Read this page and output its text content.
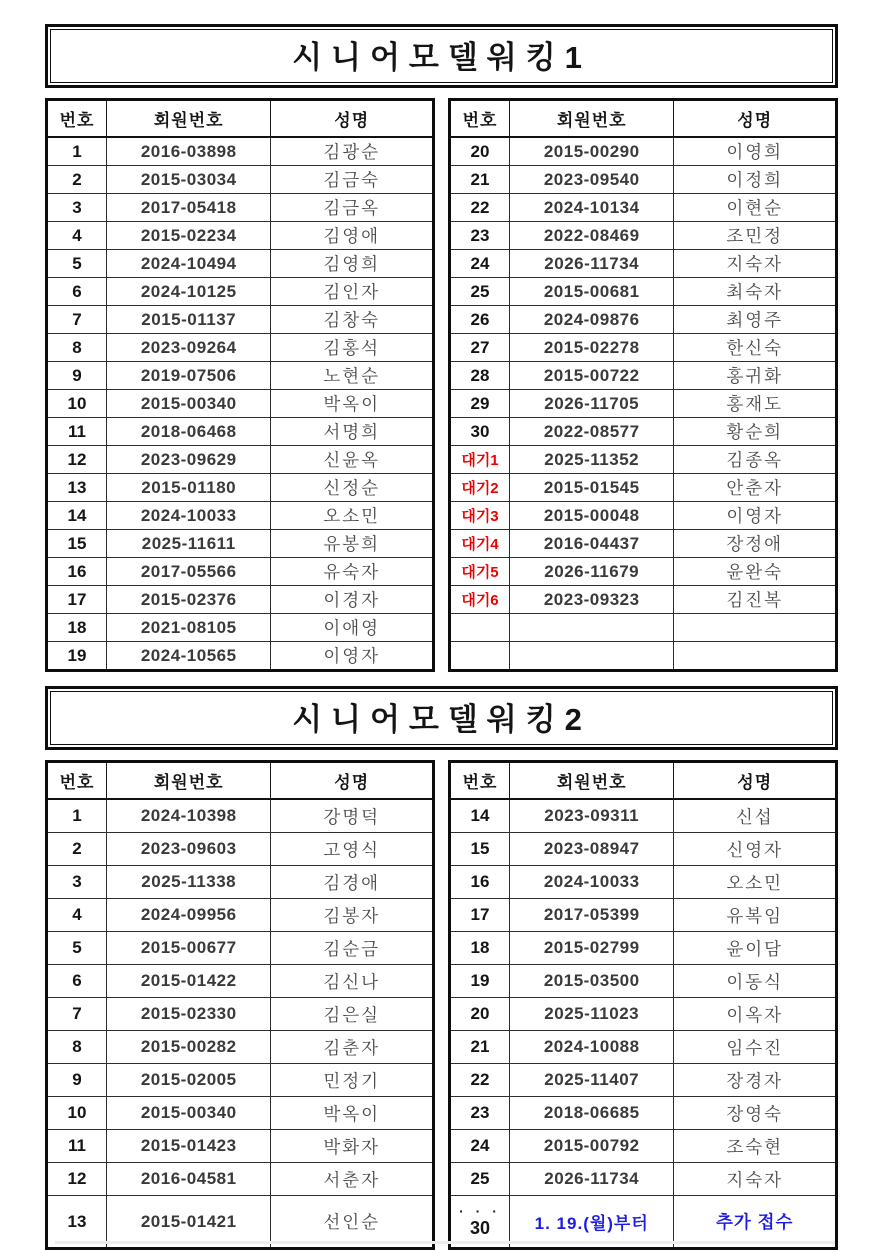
시니어모델워킹1
번호	회원번호	성명
1	2016-03898	김광순
2	2015-03034	김금숙
3	2017-05418	김금옥
4	2015-02234	김영애
5	2024-10494	김영희
6	2024-10125	김인자
7	2015-01137	김창숙
8	2023-09264	김홍석
9	2019-07506	노현순
10	2015-00340	박옥이
11	2018-06468	서명희
12	2023-09629	신윤옥
13	2015-01180	신정순
14	2024-10033	오소민
15	2025-11611	유봉희
16	2017-05566	유숙자
17	2015-02376	이경자
18	2021-08105	이애영
19	2024-10565	이영자
번호	회원번호	성명
20	2015-00290	이영희
21	2023-09540	이정희
22	2024-10134	이현순
23	2022-08469	조민정
24	2026-11734	지숙자
25	2015-00681	최숙자
26	2024-09876	최영주
27	2015-02278	한신숙
28	2015-00722	홍귀화
29	2026-11705	홍재도
30	2022-08577	황순희
대기1	2025-11352	김종옥
대기2	2015-01545	안춘자
대기3	2015-00048	이영자
대기4	2016-04437	장정애
대기5	2026-11679	윤완숙
대기6	2023-09323	김진복

시니어모델워킹2
번호	회원번호	성명
1	2024-10398	강명덕
2	2023-09603	고영식
3	2025-11338	김경애
4	2024-09956	김봉자
5	2015-00677	김순금
6	2015-01422	김신나
7	2015-02330	김은실
8	2015-00282	김춘자
9	2015-02005	민정기
10	2015-00340	박옥이
11	2015-01423	박화자
12	2016-04581	서춘자
13	2015-01421	선인순
번호	회원번호	성명
14	2023-09311	신섭
15	2023-08947	신영자
16	2024-10033	오소민
17	2017-05399	유복임
18	2015-02799	윤이담
19	2015-03500	이동식
20	2025-11023	이옥자
21	2024-10088	임수진
22	2025-11407	장경자
23	2018-06685	장영숙
24	2015-00792	조숙현
25	2026-11734	지숙자

· · ·
30	1. 19.(월)부터	추가 접수
